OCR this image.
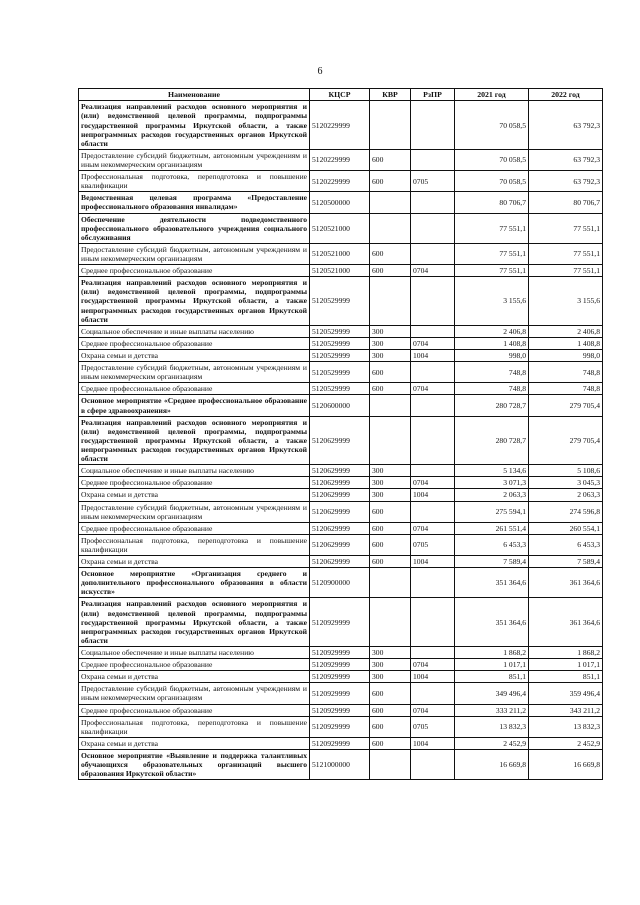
6
Наименование	КЦСР	КВР	РзПР	2021 год	2022 год
Реализация направлений расходов основного мероприятия и (или) ведомственной целевой программы, подпрограммы государственной программы Иркутской области, а также непрограммных расходов государственных органов Иркутской области	5120229999			70 058,5	63 792,3
Предоставление субсидий бюджетным, автономным учреждениям и иным некоммерческим организациям	5120229999	600		70 058,5	63 792,3
Профессиональная подготовка, переподготовка и повышение квалификации	5120229999	600	0705	70 058,5	63 792,3
Ведомственная целевая программа «Предоставление профессионального образования инвалидам»	5120500000			80 706,7	80 706,7
Обеспечение деятельности подведомственного профессионального образовательного учреждения социального обслуживания	5120521000			77 551,1	77 551,1
Предоставление субсидий бюджетным, автономным учреждениям и иным некоммерческим организациям	5120521000	600		77 551,1	77 551,1
Среднее профессиональное образование	5120521000	600	0704	77 551,1	77 551,1
Реализация направлений расходов основного мероприятия и (или) ведомственной целевой программы, подпрограммы государственной программы Иркутской области, а также непрограммных расходов государственных органов Иркутской области	5120529999			3 155,6	3 155,6
Социальное обеспечение и иные выплаты населению	5120529999	300		2 406,8	2 406,8
Среднее профессиональное образование	5120529999	300	0704	1 408,8	1 408,8
Охрана семьи и детства	5120529999	300	1004	998,0	998,0
Предоставление субсидий бюджетным, автономным учреждениям и иным некоммерческим организациям	5120529999	600		748,8	748,8
Среднее профессиональное образование	5120529999	600	0704	748,8	748,8
Основное мероприятие «Среднее профессиональное образование в сфере здравоохранения»	5120600000			280 728,7	279 705,4
Реализация направлений расходов основного мероприятия и (или) ведомственной целевой программы, подпрограммы государственной программы Иркутской области, а также непрограммных расходов государственных органов Иркутской области	5120629999			280 728,7	279 705,4
Социальное обеспечение и иные выплаты населению	5120629999	300		5 134,6	5 108,6
Среднее профессиональное образование	5120629999	300	0704	3 071,3	3 045,3
Охрана семьи и детства	5120629999	300	1004	2 063,3	2 063,3
Предоставление субсидий бюджетным, автономным учреждениям и иным некоммерческим организациям	5120629999	600		275 594,1	274 596,8
Среднее профессиональное образование	5120629999	600	0704	261 551,4	260 554,1
Профессиональная подготовка, переподготовка и повышение квалификации	5120629999	600	0705	6 453,3	6 453,3
Охрана семьи и детства	5120629999	600	1004	7 589,4	7 589,4
Основное мероприятие «Организация среднего и дополнительного профессионального образования в области искусств»	5120900000			351 364,6	361 364,6
Реализация направлений расходов основного мероприятия и (или) ведомственной целевой программы, подпрограммы государственной программы Иркутской области, а также непрограммных расходов государственных органов Иркутской области	5120929999			351 364,6	361 364,6
Социальное обеспечение и иные выплаты населению	5120929999	300		1 868,2	1 868,2
Среднее профессиональное образование	5120929999	300	0704	1 017,1	1 017,1
Охрана семьи и детства	5120929999	300	1004	851,1	851,1
Предоставление субсидий бюджетным, автономным учреждениям и иным некоммерческим организациям	5120929999	600		349 496,4	359 496,4
Среднее профессиональное образование	5120929999	600	0704	333 211,2	343 211,2
Профессиональная подготовка, переподготовка и повышение квалификации	5120929999	600	0705	13 832,3	13 832,3
Охрана семьи и детства	5120929999	600	1004	2 452,9	2 452,9
Основное мероприятие «Выявление и поддержка талантливых обучающихся образовательных организаций высшего образования Иркутской области»	5121000000			16 669,8	16 669,8
